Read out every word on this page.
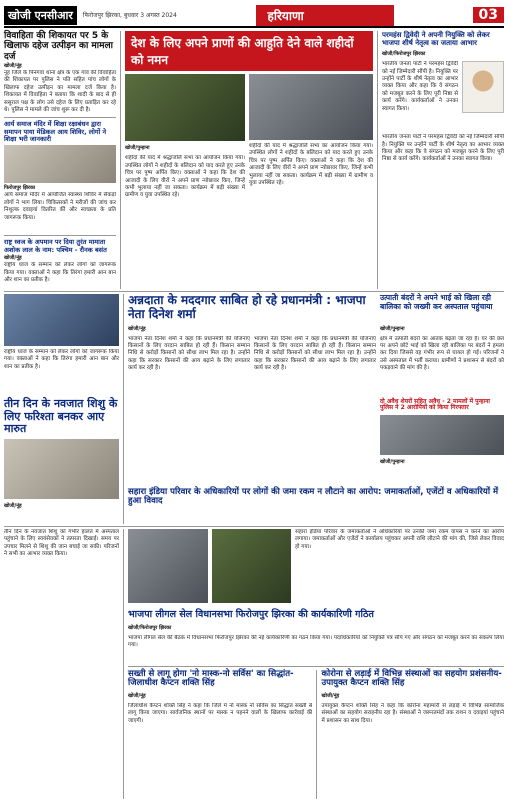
खोजी एनसीआर	फिरोजपुर झिरका, बुधवार 3 अगस्त 2024	हरियाणा	03
विवाहिता की शिकायत पर 5 के खिलाफ दहेज उत्पीड़न का मामला दर्ज
खोजी/नूंह
नूंह जिले के पिनगवां थाना क्षेत्र के एक गांव की विवाहिता की शिकायत पर पुलिस ने पति सहित पांच लोगों के खिलाफ दहेज उत्पीड़न का मामला दर्ज किया है। शिकायत में विवाहिता ने बताया कि शादी के बाद से ही ससुराल पक्ष के लोग उसे दहेज के लिए प्रताड़ित कर रहे थे। पुलिस ने मामले की जांच शुरू कर दी है।
आर्य समाज मंदिर में शिक्षा रक्षाबंधन द्वारा समापन पाया मेडिकल आय शिविर, लोगों ने शिक्षा भरी जानकारी
फिरोजपुर झिरका
आर्य समाज मंदिर में आयोजित स्वास्थ्य शिविर में सैकड़ों लोगों ने भाग लिया। चिकित्सकों ने मरीजों की जांच कर निशुल्क दवाइयां वितरित कीं और स्वच्छता के प्रति जागरूक किया।
राष्ट्र ध्वज के अपमान पर दिया तुरंत मामाता अशोक लाल के नाम: पश्चिम - रौनक बसंत
खोजी/नूंह
राष्ट्रीय ध्वज के सम्मान को लेकर लोगों को जागरूक किया गया। वक्ताओं ने कहा कि तिरंगा हमारी आन बान और शान का प्रतीक है।
देश के लिए अपने प्राणों की आहुति देने वाले शहीदों को नमन
खोजी/पुन्हाना
शहीदों की याद में श्रद्धांजलि सभा का आयोजन किया गया। उपस्थित लोगों ने शहीदों के बलिदान को याद करते हुए उनके चित्र पर पुष्प अर्पित किए। वक्ताओं ने कहा कि देश की आजादी के लिए वीरों ने अपने प्राण न्योछावर किए, जिन्हें कभी भुलाया नहीं जा सकता। कार्यक्रम में बड़ी संख्या में ग्रामीण व युवा उपस्थित रहे।
शहीदों की याद में श्रद्धांजलि सभा का आयोजन किया गया। उपस्थित लोगों ने शहीदों के बलिदान को याद करते हुए उनके चित्र पर पुष्प अर्पित किए। वक्ताओं ने कहा कि देश की आजादी के लिए वीरों ने अपने प्राण न्योछावर किए, जिन्हें कभी भुलाया नहीं जा सकता। कार्यक्रम में बड़ी संख्या में ग्रामीण व युवा उपस्थित रहे।
परमहंस द्विवेदी ने अपनी नियुक्ति को लेकर भाजपा शीर्ष नेतृत्व का जताया आभार
खोजी/फिरोजपुर झिरका
भारतीय जनता पार्टी ने परमहंस द्विवेदी को नई जिम्मेदारी सौंपी है। नियुक्ति पर उन्होंने पार्टी के शीर्ष नेतृत्व का आभार व्यक्त किया और कहा कि वे संगठन को मजबूत करने के लिए पूरी निष्ठा से कार्य करेंगे। कार्यकर्ताओं ने उनका स्वागत किया।
भारतीय जनता पार्टी ने परमहंस द्विवेदी को नई जिम्मेदारी सौंपी है। नियुक्ति पर उन्होंने पार्टी के शीर्ष नेतृत्व का आभार व्यक्त किया और कहा कि वे संगठन को मजबूत करने के लिए पूरी निष्ठा से कार्य करेंगे। कार्यकर्ताओं ने उनका स्वागत किया।
राष्ट्रीय ध्वज के सम्मान को लेकर लोगों को जागरूक किया गया। वक्ताओं ने कहा कि तिरंगा हमारी आन बान और शान का प्रतीक है।
तीन दिन के नवजात शिशु के लिए फरिश्ता बनकर आए मारुत
खोजी/नूंह
अन्नदाता के मददगार साबित हो रहे प्रधानमंत्री : भाजपा नेता दिनेश शर्मा
उत्पाती बंदरों ने अपने भाई को खिला रही बालिका को जख्मी कर अस्पताल पहुंचाया
खोजी/नूंह
भाजपा नेता दिनेश शर्मा ने कहा कि प्रधानमंत्री की योजनाएं किसानों के लिए वरदान साबित हो रही हैं। किसान सम्मान निधि से करोड़ों किसानों को सीधा लाभ मिल रहा है। उन्होंने कहा कि सरकार किसानों की आय बढ़ाने के लिए लगातार कार्य कर रही है।
भाजपा नेता दिनेश शर्मा ने कहा कि प्रधानमंत्री की योजनाएं किसानों के लिए वरदान साबित हो रही हैं। किसान सम्मान निधि से करोड़ों किसानों को सीधा लाभ मिल रहा है। उन्होंने कहा कि सरकार किसानों की आय बढ़ाने के लिए लगातार कार्य कर रही है।
खोजी/पुन्हाना
क्षेत्र में उत्पाती बंदरों का आतंक बढ़ता जा रहा है। घर की छत पर अपने छोटे भाई को खिला रही बालिका पर बंदरों ने हमला कर दिया जिससे वह गंभीर रूप से घायल हो गई। परिजनों ने उसे अस्पताल में भर्ती कराया। ग्रामीणों ने प्रशासन से बंदरों को पकड़वाने की मांग की है।
दो अवैध शेयरों सहित अवैध - 2 मामलों में पुन्हाना पुलिस ने 2 आरोपियों को किया गिरफ्तार
खोजी/पुन्हाना
सहारा इंडिया परिवार के अधिकारियों पर लोगों की जमा रकम न लौटाने का आरोप: जमाकर्ताओं, एजेंटों व अधिकारियों में हुआ विवाद
तीन दिन के नवजात शिशु को गंभीर हालत में अस्पताल पहुंचाने के लिए स्वयंसेवकों ने तत्परता दिखाई। समय पर उपचार मिलने से शिशु की जान बचाई जा सकी। परिजनों ने सभी का आभार व्यक्त किया।
सहारा इंडिया परिवार के जमाकर्ताओं ने अधिकारियों पर उनकी जमा रकम वापस न करने का आरोप लगाया। जमाकर्ताओं और एजेंटों ने कार्यालय पहुंचकर अपनी राशि लौटाने की मांग की, जिसे लेकर विवाद हो गया।
भाजपा लीगल सेल विधानसभा फिरोजपुर झिरका की कार्यकारिणी गठित
खोजी/फिरोजपुर झिरका
भाजपा लीगल सेल की बैठक में विधानसभा फिरोजपुर झिरका की नई कार्यकारिणी का गठन किया गया। पदाधिकारियों को नियुक्ति पत्र सौंपे गए और संगठन को मजबूत करने का संकल्प लिया गया।
सख्ती से लागू होगा 'नो मास्क-नो सर्विस' का सिद्धांत-जिलाधीश कैप्टन शक्ति सिंह
खोजी/नूंह
जिलाधीश कैप्टन शक्ति सिंह ने कहा कि जिले में नो मास्क नो सर्विस का सिद्धांत सख्ती से लागू किया जाएगा। सार्वजनिक स्थानों पर मास्क न पहनने वालों के खिलाफ कार्रवाई की जाएगी।
कोरोना से लड़ाई में विभिन्न संस्थाओं का सहयोग प्रशंसनीय-उपायुक्त कैप्टन शक्ति सिंह
खोजी/नूंह
उपायुक्त कैप्टन शक्ति सिंह ने कहा कि कोरोना महामारी से लड़ाई में विभिन्न सामाजिक संस्थाओं का सहयोग सराहनीय रहा है। संस्थाओं ने जरूरतमंदों तक राशन व दवाइयां पहुंचाने में प्रशासन का साथ दिया।
